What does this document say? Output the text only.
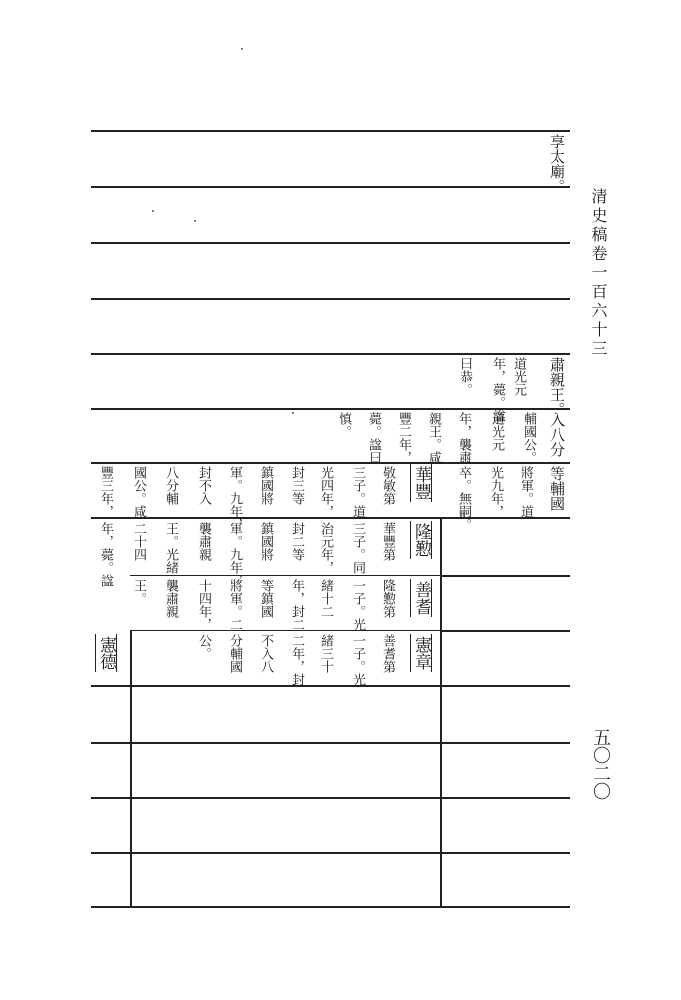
清史稿卷一百六十三
五〇二〇
享太廟。
肅親王。
道光元
年，薨。諡
曰恭。
入八分
輔國公。
道光元
年，襲肅
親王。咸
豐二年，
薨。諡曰
慎。
等輔國
將軍。道
光九年，
卒。無嗣。
華豐
敬敏第
三子。道
光四年，
封三等
鎮國將
軍。九年，
封不入
八分輔
國公。咸
豐三年，
隆懃
華豐第
三子。同
治元年，
封二等
鎮國將
軍。九年，
襲肅親
王。光緒
二十四
年，薨。諡
善耆
隆懃第
一子。光
緒十二
年，封二
等鎮國
將軍。二
十四年，
襲肅親
王。
憲章
善耆第
一子。光
緒三十
二年，封
不入八
分輔國
公。
憲德
